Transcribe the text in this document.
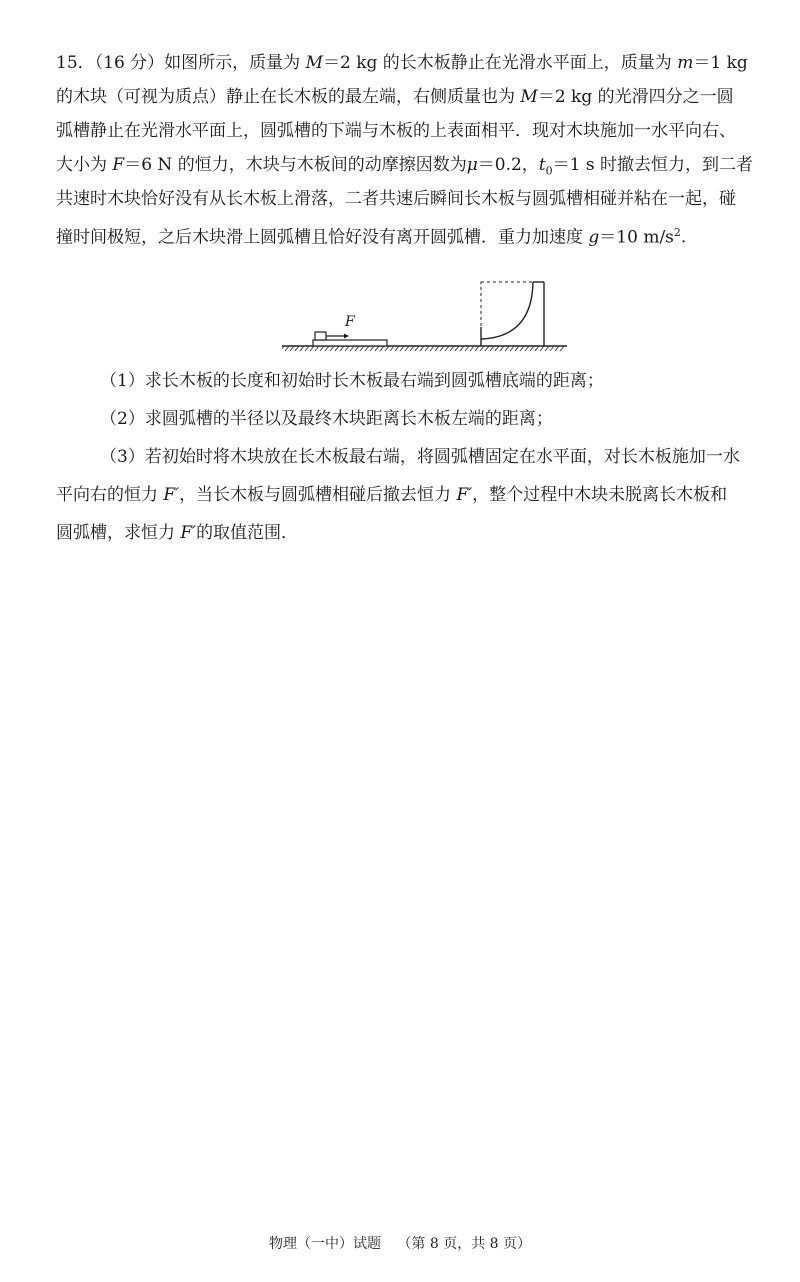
15．（16 分）如图所示，质量为 M＝2 kg 的长木板静止在光滑水平面上，质量为 m＝1 kg
的木块（可视为质点）静止在长木板的最左端，右侧质量也为 M＝2 kg 的光滑四分之一圆
弧槽静止在光滑水平面上，圆弧槽的下端与木板的上表面相平．现对木块施加一水平向右、
大小为 F＝6 N 的恒力，木块与木板间的动摩擦因数为μ＝0.2，$t_0=1$ s 时撤去恒力，到二者
共速时木块恰好没有从长木板上滑落，二者共速后瞬间长木板与圆弧槽相碰并粘在一起，碰
撞时间极短，之后木块滑上圆弧槽且恰好没有离开圆弧槽．重力加速度 g＝10 $m/s^2$.
F
（1）求长木板的长度和初始时长木板最右端到圆弧槽底端的距离；
（2）求圆弧槽的半径以及最终木块距离长木板左端的距离；
（3）若初始时将木块放在长木板最右端，将圆弧槽固定在水平面，对长木板施加一水
平向右的恒力 F′，当长木板与圆弧槽相碰后撤去恒力 F′，整个过程中木块未脱离长木板和
圆弧槽，求恒力 F′的取值范围．
物理（一中）试题 （第 8 页，共 8 页）
